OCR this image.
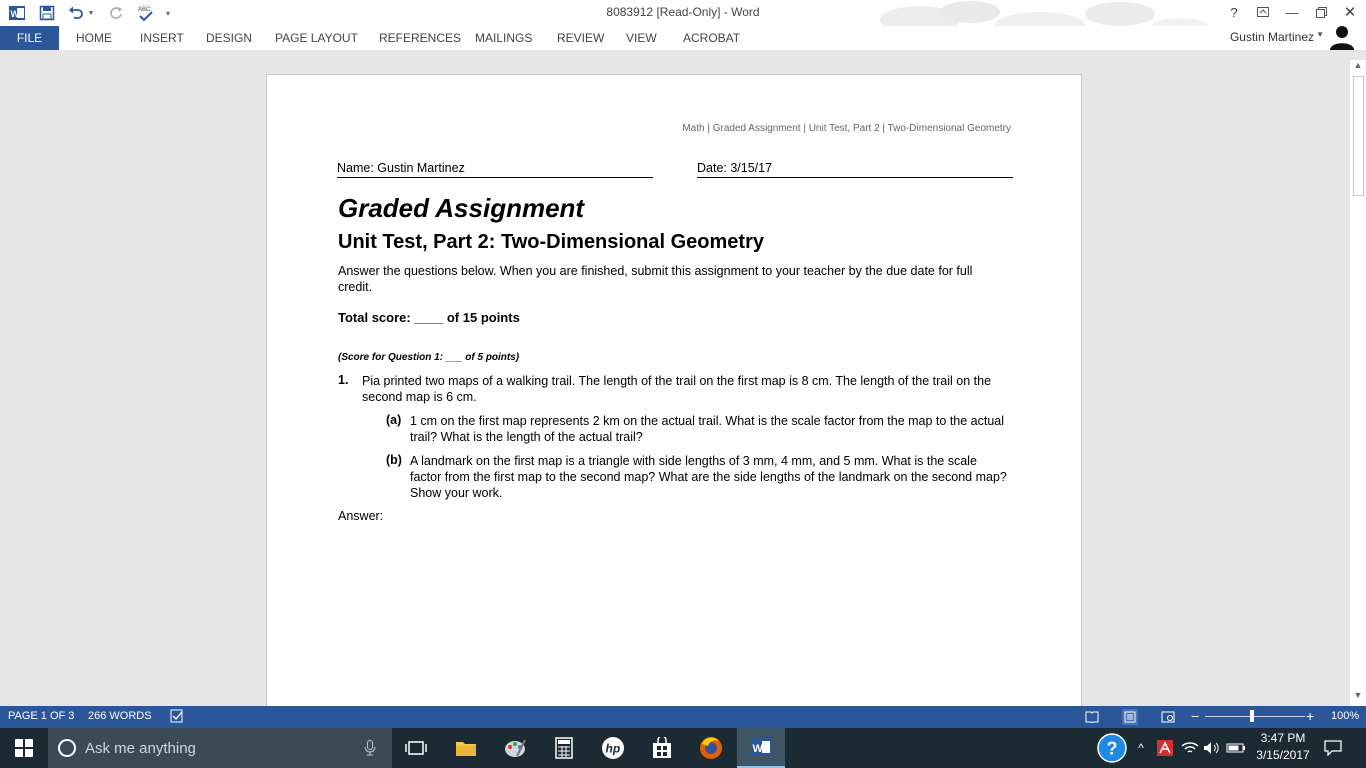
W	▼	ABC	▾	8083912 [Read-Only] - Word	?	—	✕
FILE	HOME INSERT DESIGN PAGE LAYOUT REFERENCES MAILINGS REVIEW VIEW ACROBAT	Gustin Martinez ▼
Math | Graded Assignment | Unit Test, Part 2 | Two-Dimensional Geometry
Name: Gustin Martinez	Date: 3/15/17
Graded Assignment
Unit Test, Part 2: Two-Dimensional Geometry
Answer the questions below. When you are finished, submit this assignment to your teacher by the due date for full credit.
Total score: ____ of 15 points
(Score for Question 1: ___ of 5 points)
1. Pia printed two maps of a walking trail. The length of the trail on the first map is 8 cm. The length of the trail on the second map is 6 cm.
(a) 1 cm on the first map represents 2 km on the actual trail. What is the scale factor from the map to the actual trail? What is the length of the actual trail?
(b) A landmark on the first map is a triangle with side lengths of 3 mm, 4 mm, and 5 mm. What is the scale factor from the first map to the second map? What are the side lengths of the landmark on the second map? Show your work.
Answer:
▲
▼
PAGE 1 OF 3 266 WORDS	−	+ 100%
Ask me anything	hp	W	?	^
3:47 PM
3/15/2017
